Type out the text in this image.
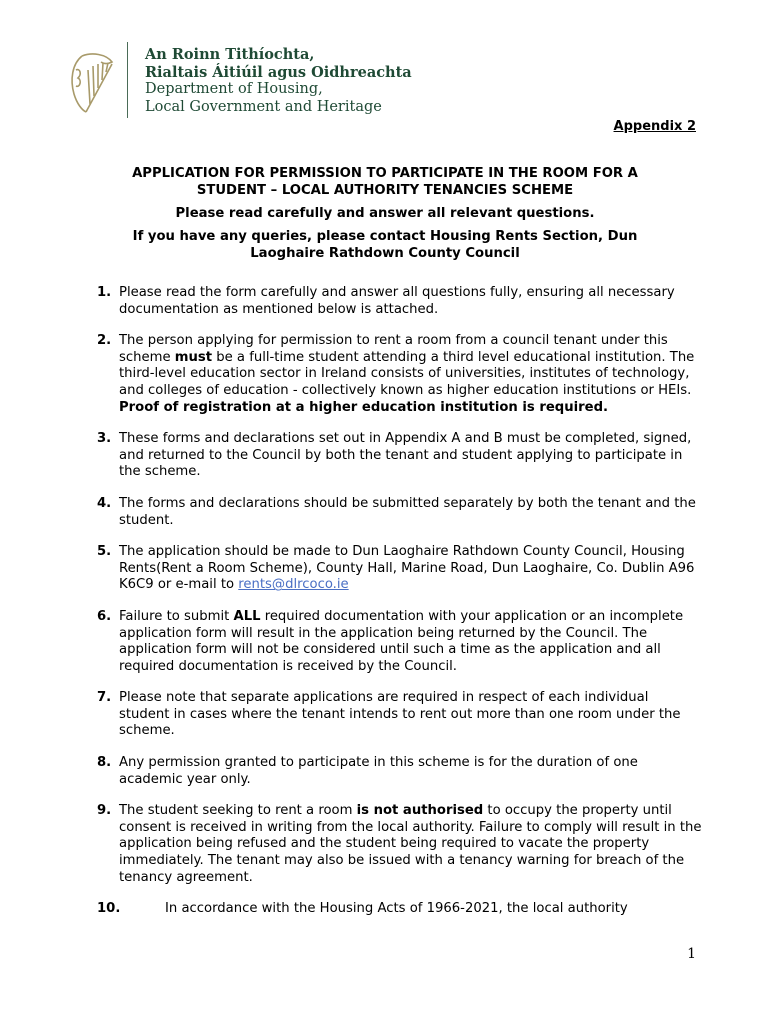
An Roinn Tithíochta,
Rialtais Áitiúil agus Oidhreachta
Department of Housing,
Local Government and Heritage
Appendix 2
APPLICATION FOR PERMISSION TO PARTICIPATE IN THE ROOM FOR A
STUDENT – LOCAL AUTHORITY TENANCIES SCHEME
Please read carefully and answer all relevant questions.
If you have any queries, please contact Housing Rents Section, Dun
Laoghaire Rathdown County Council
1. Please read the form carefully and answer all questions fully, ensuring all necessary documentation as mentioned below is attached.
2. The person applying for permission to rent a room from a council tenant under this scheme must be a full-time student attending a third level educational institution. The third-level education sector in Ireland consists of universities, institutes of technology, and colleges of education - collectively known as higher education institutions or HEIs. Proof of registration at a higher education institution is required.
3. These forms and declarations set out in Appendix A and B must be completed, signed, and returned to the Council by both the tenant and student applying to participate in the scheme.
4. The forms and declarations should be submitted separately by both the tenant and the student.
5. The application should be made to Dun Laoghaire Rathdown County Council, Housing Rents(Rent a Room Scheme), County Hall, Marine Road, Dun Laoghaire, Co. Dublin A96 K6C9 or e-mail to rents@dlrcoco.ie
6. Failure to submit ALL required documentation with your application or an incomplete application form will result in the application being returned by the Council. The application form will not be considered until such a time as the application and all required documentation is received by the Council.
7. Please note that separate applications are required in respect of each individual student in cases where the tenant intends to rent out more than one room under the scheme.
8. Any permission granted to participate in this scheme is for the duration of one academic year only.
9. The student seeking to rent a room is not authorised to occupy the property until consent is received in writing from the local authority. Failure to comply will result in the application being refused and the student being required to vacate the property immediately. The tenant may also be issued with a tenancy warning for breach of the tenancy agreement.
10.	In accordance with the Housing Acts of 1966-2021, the local authority
1
